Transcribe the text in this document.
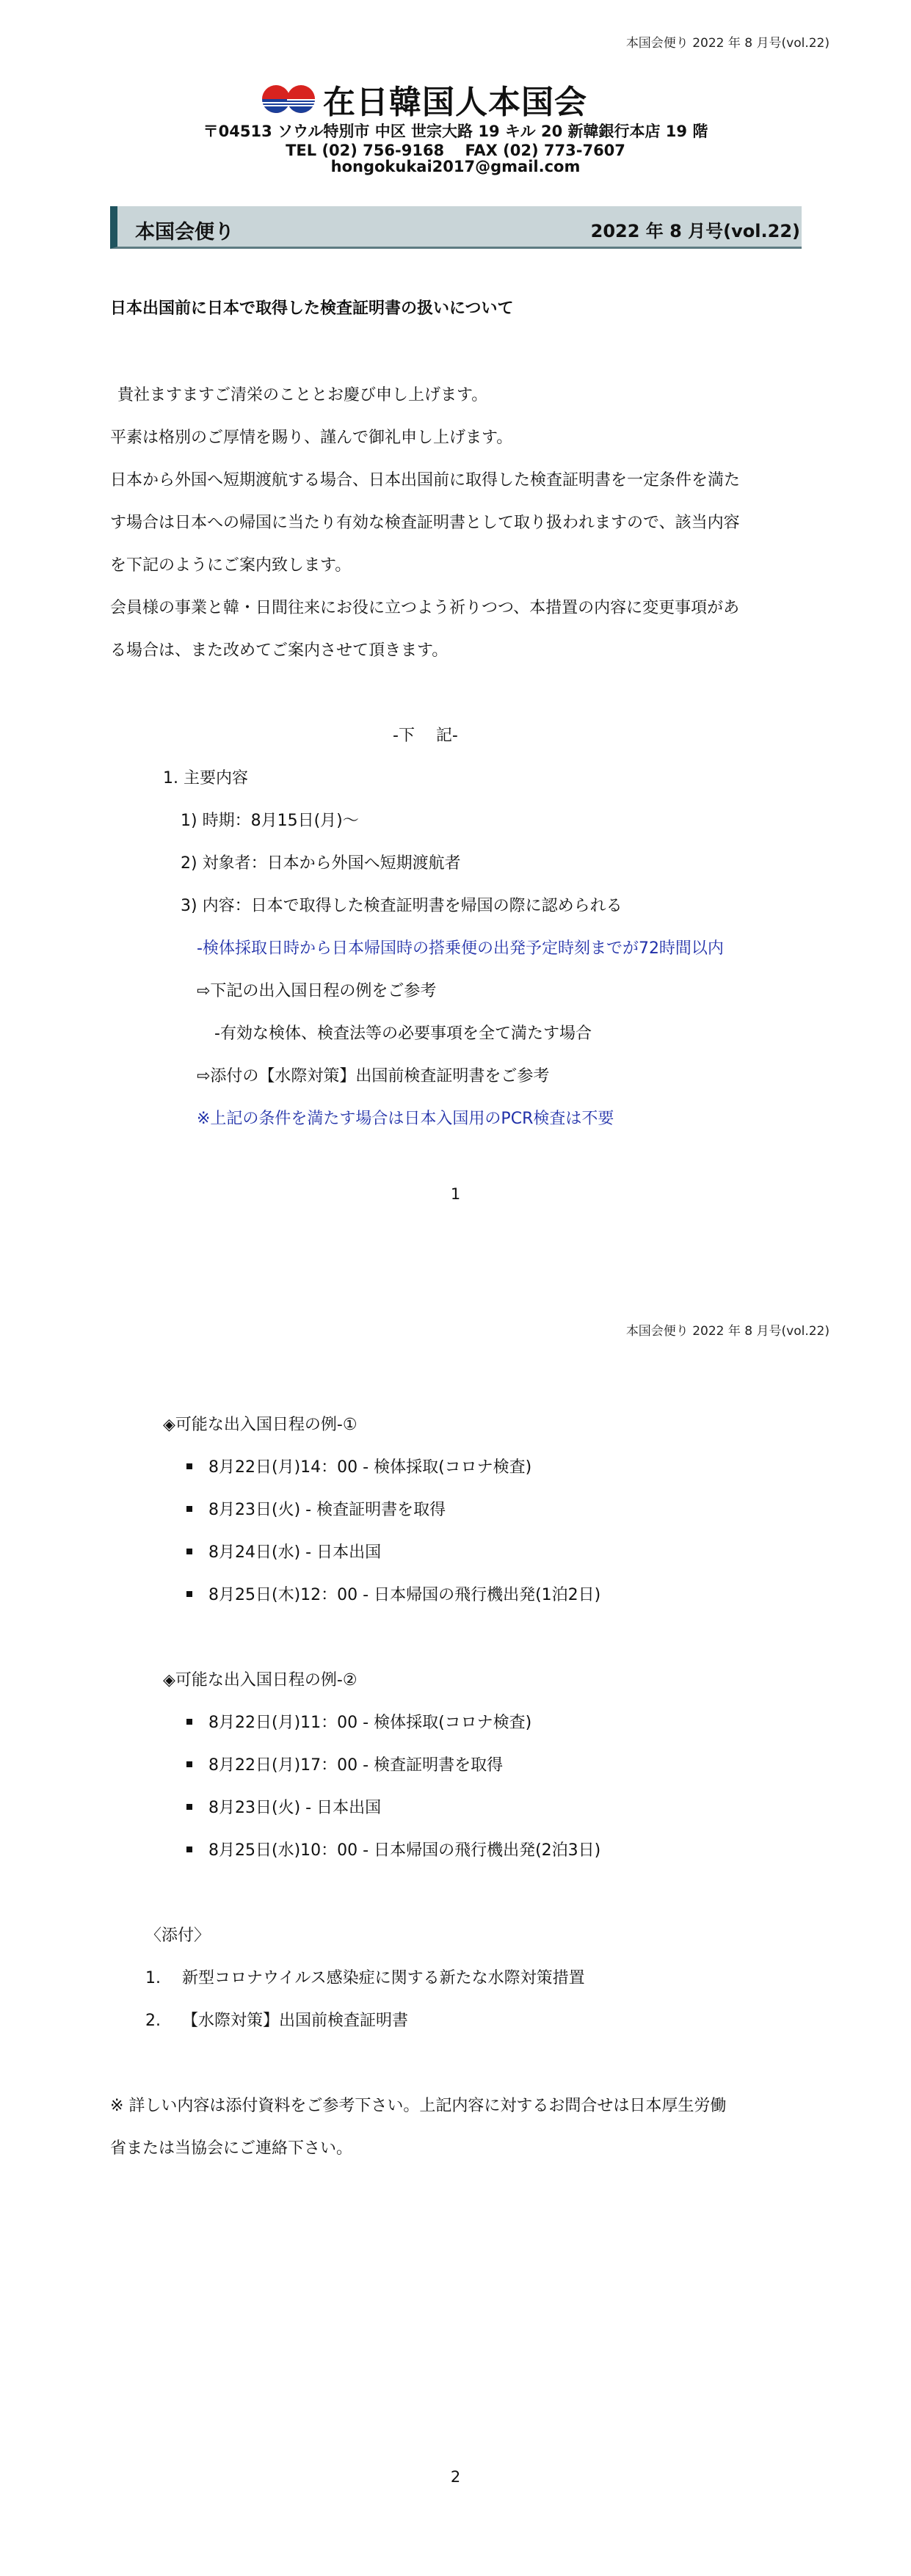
本国会便り 2022 年 8 月号(vol.22)
在日韓国人本国会
〒04513 ソウル特別市 中区 世宗大路 19 キル 20 新韓銀行本店 19 階
TEL (02) 756-9168　 FAX (02) 773-7607
hongokukai2017@gmail.com
本国会便り	2022 年 8 月号(vol.22)
日本出国前に日本で取得した検査証明書の扱いについて
貴社ますますご清栄のこととお慶び申し上げます。
平素は格別のご厚情を賜り、謹んで御礼申し上げます。
日本から外国へ短期渡航する場合、日本出国前に取得した検査証明書を一定条件を満た
す場合は日本への帰国に当たり有効な検査証明書として取り扱われますので、該当内容
を下記のようにご案内致します。
会員様の事業と韓・日間往来にお役に立つよう祈りつつ、本措置の内容に変更事項があ
る場合は、また改めてご案内させて頂きます。
-下　 記-
1. 主要内容
1) 時期：8月15日(月)～
2) 対象者：日本から外国へ短期渡航者
3) 内容：日本で取得した検査証明書を帰国の際に認められる
-検体採取日時から日本帰国時の搭乗便の出発予定時刻までが72時間以内
⇨下記の出入国日程の例をご参考
-有効な検体、検査法等の必要事項を全て満たす場合
⇨添付の【水際対策】出国前検査証明書をご参考
※上記の条件を満たす場合は日本入国用のPCR検査は不要
1
本国会便り 2022 年 8 月号(vol.22)
◈可能な出入国日程の例-①
8月22日(月)14：00 - 検体採取(コロナ検査)
8月23日(火) - 検査証明書を取得
8月24日(水) - 日本出国
8月25日(木)12：00 - 日本帰国の飛行機出発(1泊2日)
◈可能な出入国日程の例-②
8月22日(月)11：00 - 検体採取(コロナ検査)
8月22日(月)17：00 - 検査証明書を取得
8月23日(火) - 日本出国
8月25日(水)10：00 - 日本帰国の飛行機出発(2泊3日)
〈添付〉
1. 新型コロナウイルス感染症に関する新たな水際対策措置
2. 【水際対策】出国前検査証明書
※ 詳しい内容は添付資料をご参考下さい。上記内容に対するお問合せは日本厚生労働
省または当協会にご連絡下さい。
2
